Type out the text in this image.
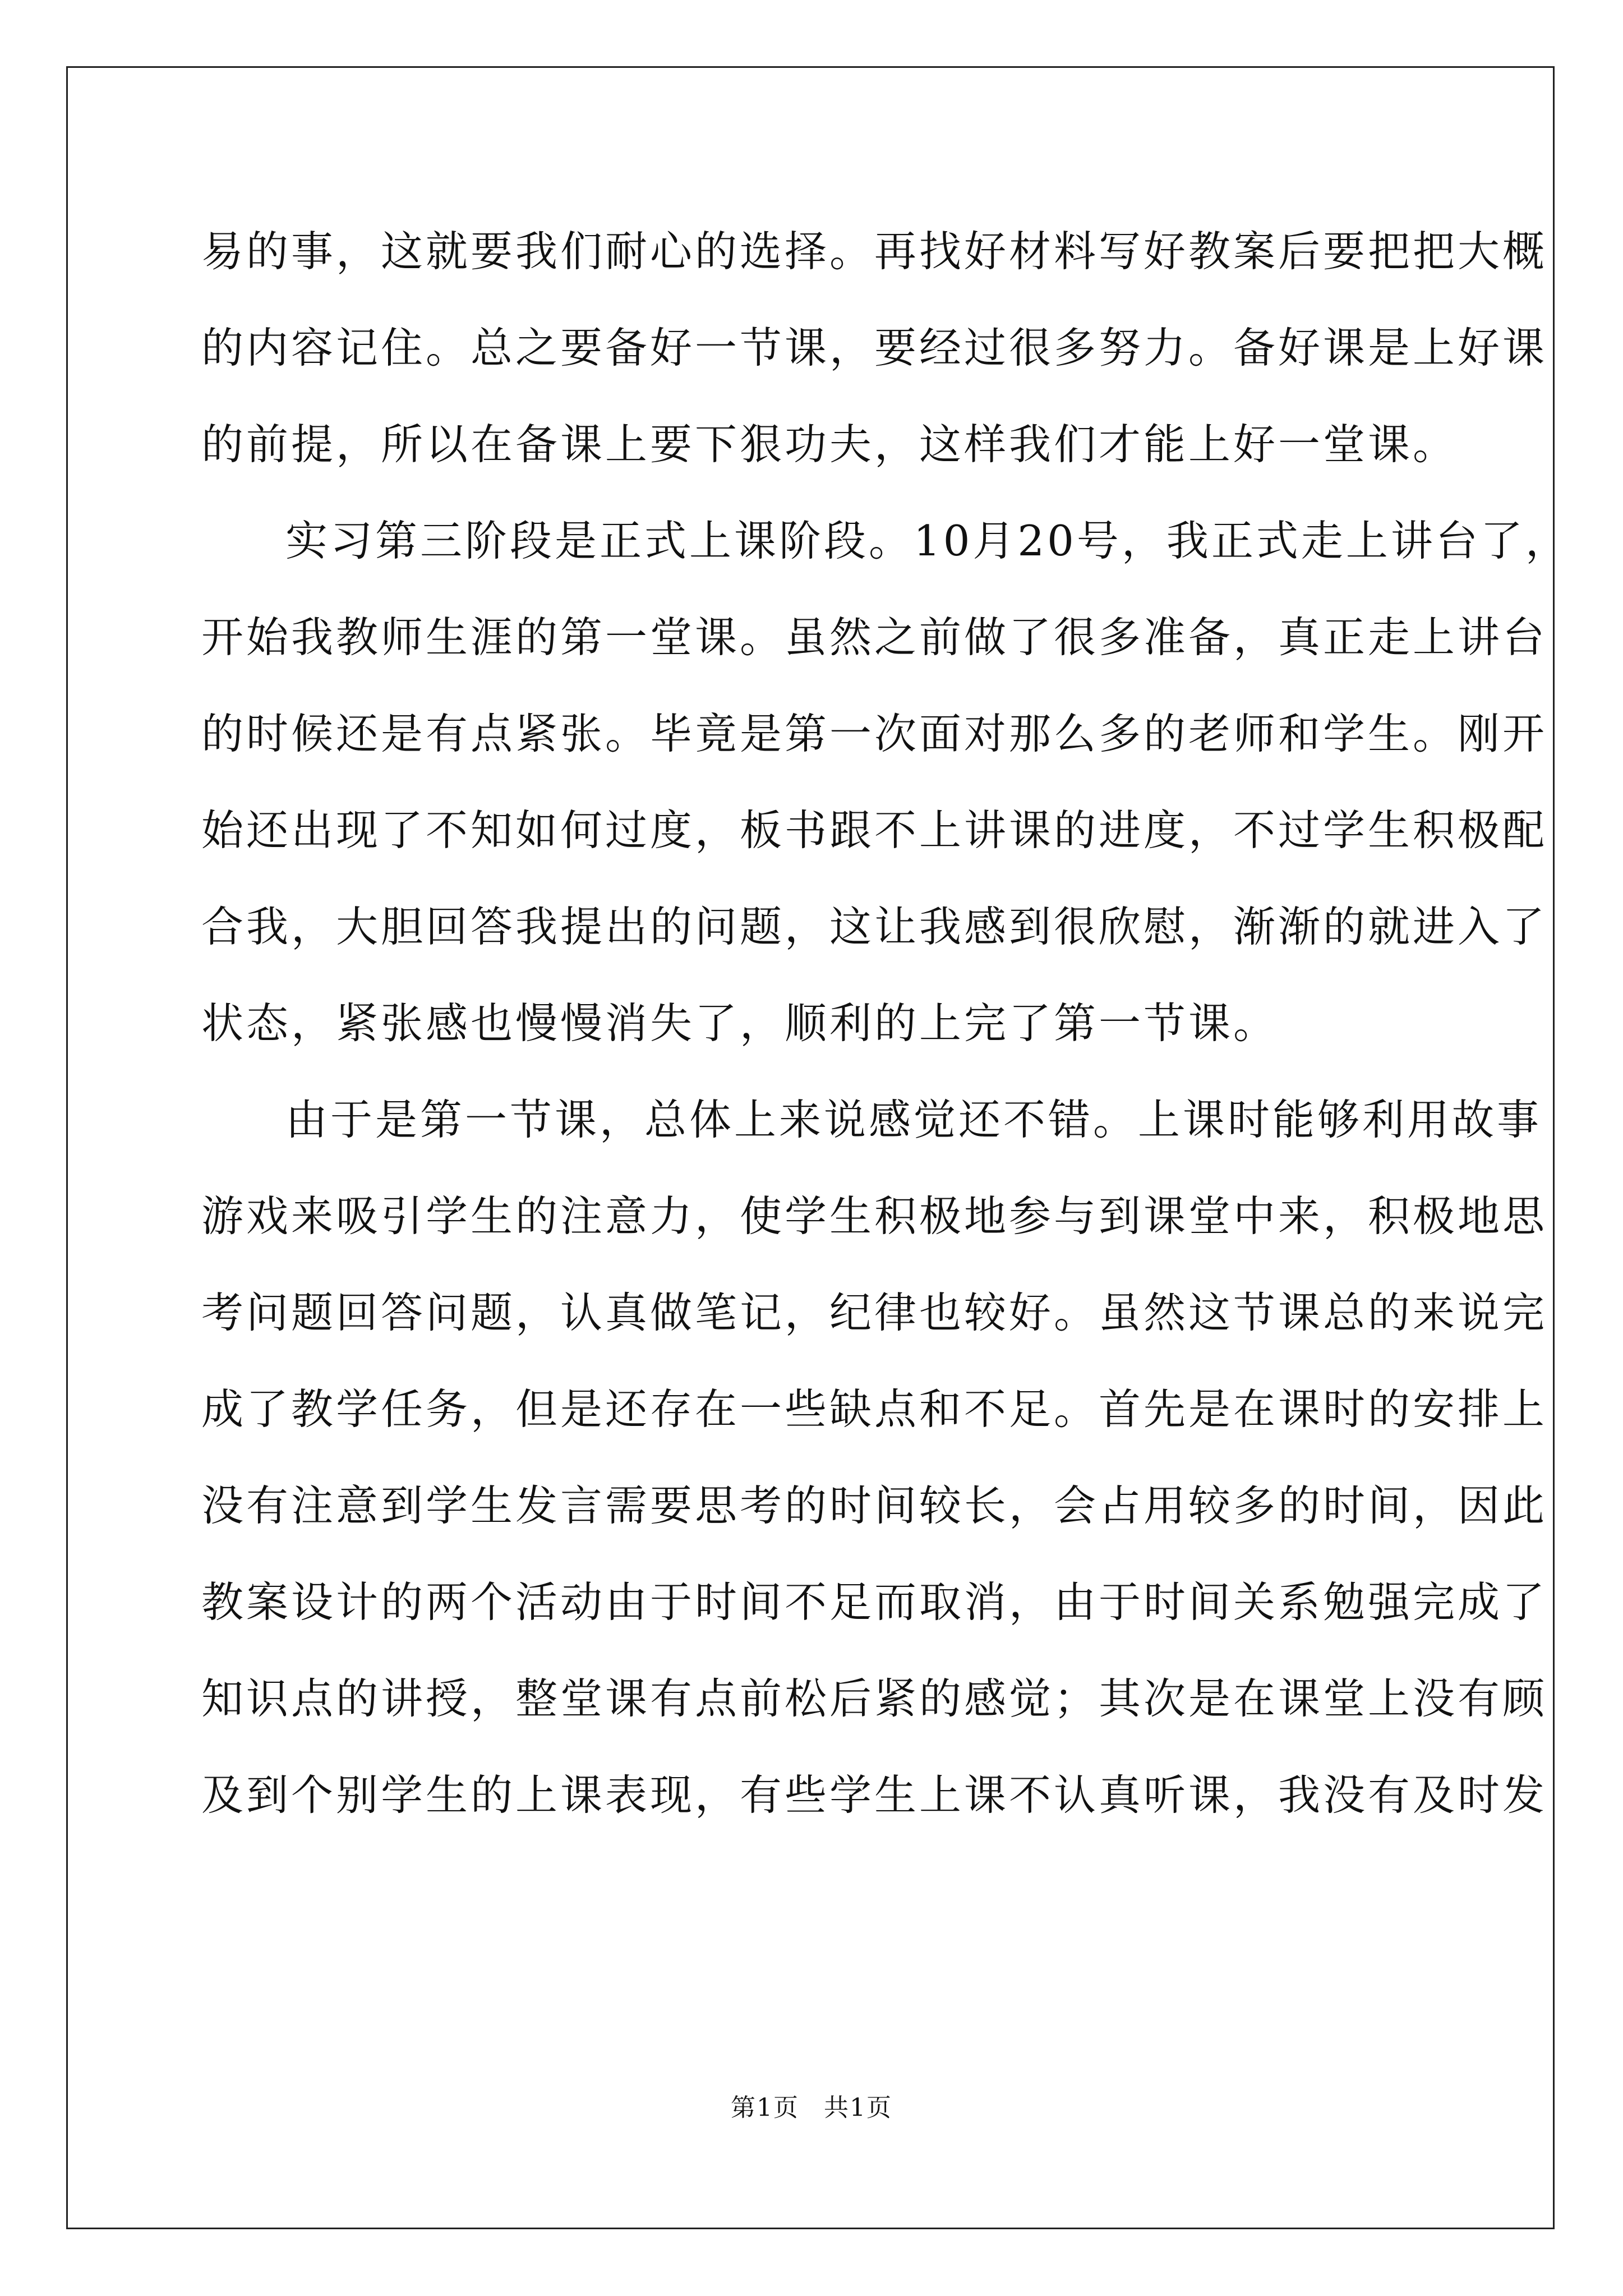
易的事，这就要我们耐心的选择。再找好材料写好教案后要把把大概
的内容记住。总之要备好一节课，要经过很多努力。备好课是上好课
的前提，所以在备课上要下狠功夫，这样我们才能上好一堂课。
实习第三阶段是正式上课阶段。10月20号，我正式走上讲台了，
开始我教师生涯的第一堂课。虽然之前做了很多准备，真正走上讲台
的时候还是有点紧张。毕竟是第一次面对那么多的老师和学生。刚开
始还出现了不知如何过度，板书跟不上讲课的进度，不过学生积极配
合我，大胆回答我提出的问题，这让我感到很欣慰，渐渐的就进入了
状态，紧张感也慢慢消失了，顺利的上完了第一节课。
由于是第一节课，总体上来说感觉还不错。上课时能够利用故事
游戏来吸引学生的注意力，使学生积极地参与到课堂中来，积极地思
考问题回答问题，认真做笔记，纪律也较好。虽然这节课总的来说完
成了教学任务，但是还存在一些缺点和不足。首先是在课时的安排上
没有注意到学生发言需要思考的时间较长，会占用较多的时间，因此
教案设计的两个活动由于时间不足而取消，由于时间关系勉强完成了
知识点的讲授，整堂课有点前松后紧的感觉；其次是在课堂上没有顾
及到个别学生的上课表现，有些学生上课不认真听课，我没有及时发
第1页 共1页
